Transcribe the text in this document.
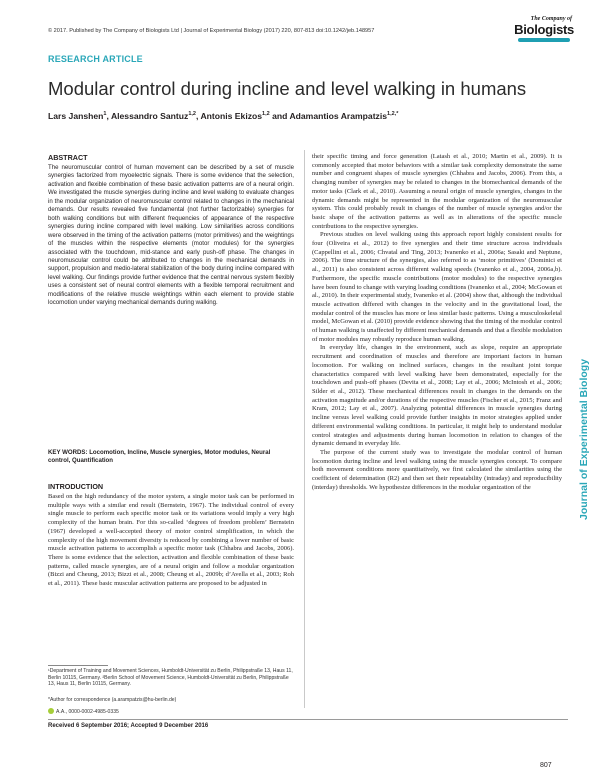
© 2017. Published by The Company of Biologists Ltd | Journal of Experimental Biology (2017) 220, 807-813 doi:10.1242/jeb.148957
The Company of
Biologists
RESEARCH ARTICLE
Modular control during incline and level walking in humans
Lars Janshen$^1$, Alessandro Santuz$^{1,2}$, Antonis Ekizos$^{1,2}$ and Adamantios Arampatzis$^{1,2,*}$
ABSTRACT

The neuromuscular control of human movement can be described by a set of muscle synergies factorized from myoelectric signals. There is some evidence that the selection, activation and flexible combination of these basic activation patterns are of a neural origin. We investigated the muscle synergies during incline and level walking to evaluate changes in the modular organization of neuromuscular control related to changes in the mechanical demands. Our results revealed five fundamental (not further factorizable) synergies for both walking conditions but with different frequencies of appearance of the respective synergies during incline compared with level walking. Low similarities across conditions were observed in the timing of the activation patterns (motor primitives) and the weightings of the muscles within the respective elements (motor modules) for the synergies associated with the touchdown, mid-stance and early push-off phase. The changes in neuromuscular control could be attributed to changes in the mechanical demands in support, propulsion and medio-lateral stabilization of the body during incline compared with level walking. Our findings provide further evidence that the central nervous system flexibly uses a consistent set of neural control elements with a flexible temporal recruitment and modifications of the relative muscle weightings within each element to provide stable locomotion under varying mechanical demands during walking.

KEY WORDS: Locomotion, Incline, Muscle synergies, Motor modules, Neural control, Quantification

INTRODUCTION

Based on the high redundancy of the motor system, a single motor task can be performed in multiple ways with a similar end result (Bernstein, 1967). The individual control of every single muscle to perform each specific motor task or its variations would imply a very high complexity of the human brain. For this so-called ‘degrees of freedom problem’ Bernstein (1967) developed a well-accepted theory of motor control simplification, in which the complexity of the high movement diversity is reduced by combining a lower number of basic muscle activation patterns to accomplish a specific motor task (Chhabra and Jacobs, 2006). There is some evidence that the selection, activation and flexible combination of these basic patterns, called muscle synergies, are of a neural origin and follow a modular organization (Bizzi and Cheung, 2013; Bizzi et al., 2008; Cheung et al., 2009b; d’Avella et al., 2003; Roh et al., 2011). These basic muscular activation patterns are proposed to be adjusted in

¹Department of Training and Movement Sciences, Humboldt-Universität zu Berlin, Philippstraße 13, Haus 11, Berlin 10115, Germany. ²Berlin School of Movement Science, Humboldt-Universität zu Berlin, Philippstraße 13, Haus 11, Berlin 10115, Germany.

*Author for correspondence (a.arampatzis@hu-berlin.de)

A.A., 0000-0002-4985-0335
Received 6 September 2016; Accepted 9 December 2016

their specific timing and force generation (Latash et al., 2010; Martin et al., 2009). It is commonly accepted that motor behaviors with a similar task complexity demonstrate the same number and congruent shapes of muscle synergies (Chhabra and Jacobs, 2006). From this, a changing number of synergies may be related to changes in the biomechanical demands of the motor tasks (Clark et al., 2010). Assuming a neural origin of muscle synergies, changes in the dynamic demands might be represented in the modular organization of the neuromuscular system. This could probably result in changes of the number of muscle synergies and/or the basic shape of the activation patterns as well as in alterations of the specific muscle contributions to the respective synergies.

Previous studies on level walking using this approach report highly consistent results for four (Oliveira et al., 2012) to five synergies and their time structure across individuals (Cappellini et al., 2006; Chvatal and Ting, 2013; Ivanenko et al., 2006a; Sasaki and Neptune, 2006). The time structure of the synergies, also referred to as ‘motor primitives’ (Dominici et al., 2011) is also consistent across different walking speeds (Ivanenko et al., 2004, 2006a,b). Furthermore, the specific muscle contributions (motor modules) to the respective synergies have been found to change with varying loading conditions (Ivanenko et al., 2004; McGowan et al., 2010). In their experimental study, Ivanenko et al. (2004) show that, although the individual muscle activation differed with changes in the velocity and in the gravitational load, the modular control of the muscles has more or less similar basic patterns. Using a musculoskeletal model, McGowan et al. (2010) provide evidence showing that the timing of the modular control of human walking is unaffected by different mechanical demands and that a flexible modulation of motor modules may robustly reproduce human walking.

In everyday life, changes in the environment, such as slope, require an appropriate recruitment and coordination of muscles and therefore are important factors in human locomotion. For walking on inclined surfaces, changes in the resultant joint torque characteristics compared with level walking have been demonstrated, especially for the touchdown and push-off phases (Devita et al., 2008; Lay et al., 2006; McIntosh et al., 2006; Silder et al., 2012). These mechanical differences result in changes in the demands on the activation magnitude and/or durations of the respective muscles (Fischer et al., 2015; Franz and Kram, 2012; Lay et al., 2007). Analyzing potential differences in muscle synergies during incline versus level walking could provide further insights in motor strategies applied under different environmental walking conditions. In particular, it might help to understand modular control strategies and adjustments during human locomotion in relation to changes of the dynamic demand in everyday life.

The purpose of the current study was to investigate the modular control of human locomotion during incline and level walking using the muscle synergies concept. To compare both movement conditions more quantitatively, we first calculated the similarities using the coefficient of determination (R2) and then set their repeatability (intraday) and reproducibility (interday) thresholds. We hypothesize differences in the modular organization of the	Journal of Experimental Biology
807
